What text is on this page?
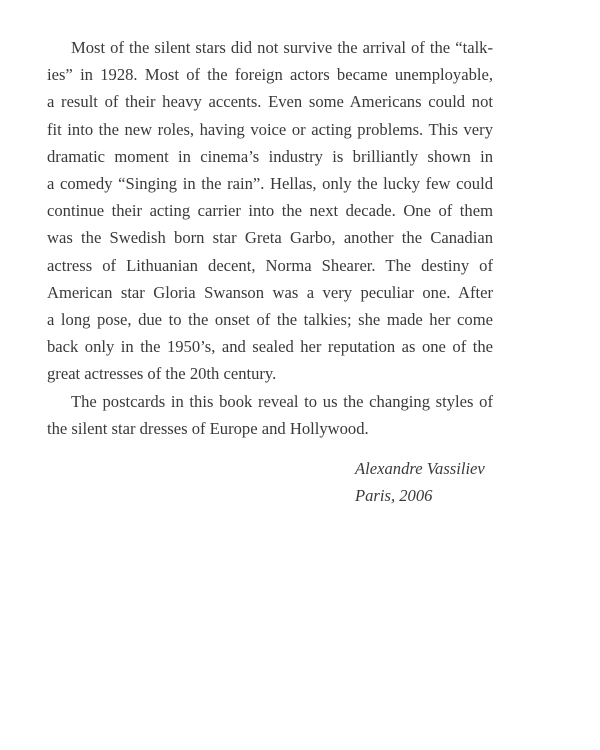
Most of the silent stars did not survive the arrival of the “talk-
ies” in 1928. Most of the foreign actors became unemployable,
a result of their heavy accents. Even some Americans could not
fit into the new roles, having voice or acting problems. This very
dramatic moment in cinema’s industry is brilliantly shown in
a comedy “Singing in the rain”. Hellas, only the lucky few could
continue their acting carrier into the next decade. One of them
was the Swedish born star Greta Garbo, another the Canadian
actress of Lithuanian decent, Norma Shearer. The destiny of
American star Gloria Swanson was a very peculiar one. After
a long pose, due to the onset of the talkies; she made her come
back only in the 1950’s, and sealed her reputation as one of the
great actresses of the 20th century.
The postcards in this book reveal to us the changing styles of
the silent star dresses of Europe and Hollywood.
Alexandre Vassiliev
Paris, 2006
